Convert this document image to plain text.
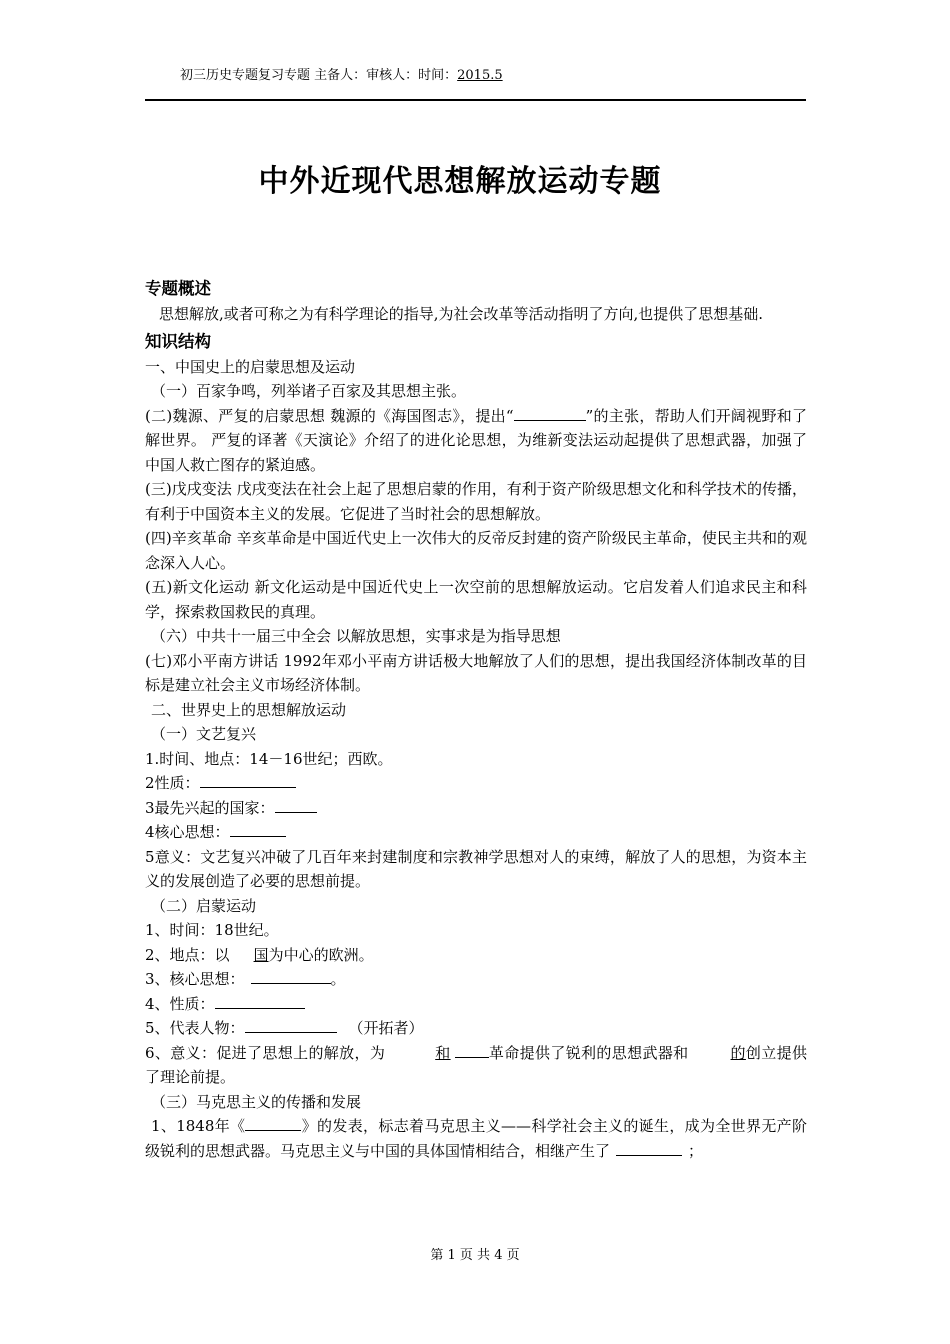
初三历史专题复习专题 主备人：审核人：时间：2015.5
中外近现代思想解放运动专题
专题概述

思想解放,或者可称之为有科学理论的指导,为社会改革等活动指明了方向,也提供了思想基础.

知识结构

一、中国史上的启蒙思想及运动

（一）百家争鸣，列举诸子百家及其思想主张。

(二)魏源、严复的启蒙思想 魏源的《海国图志》，提出“	”的主张，帮助人们开阔视野和了解世界。 严复的译著《天演论》介绍了的进化论思想，为维新变法运动起提供了思想武器，加强了中国人救亡图存的紧迫感。

(三)戊戌变法 戊戌变法在社会上起了思想启蒙的作用，有利于资产阶级思想文化和科学技术的传播，有利于中国资本主义的发展。它促进了当时社会的思想解放。

(四)辛亥革命 辛亥革命是中国近代史上一次伟大的反帝反封建的资产阶级民主革命，使民主共和的观念深入人心。

(五)新文化运动 新文化运动是中国近代史上一次空前的思想解放运动。它启发着人们追求民主和科学，探索救国救民的真理。

（六）中共十一届三中全会 以解放思想，实事求是为指导思想

(七)邓小平南方讲话 1992年邓小平南方讲话极大地解放了人们的思想，提出我国经济体制改革的目标是建立社会主义市场经济体制。

二、世界史上的思想解放运动

（一）文艺复兴

1.时间、地点：14－16世纪；西欧。

2性质：

3最先兴起的国家：

4核心思想：

5意义：文艺复兴冲破了几百年来封建制度和宗教神学思想对人的束缚，解放了人的思想，为资本主义的发展创造了必要的思想前提。

（二）启蒙运动

1、时间：18世纪。

2、地点：以 国为中心的欧洲。

3、核心思想：	。

4、性质：

5、代表人物：	（开拓者）

6、意义：促进了思想上的解放，为	和	革命提供了锐利的思想武器和	的创立提供了理论前提。

（三）马克思主义的传播和发展

1、1848年《	》的发表，标志着马克思主义——科学社会主义的诞生，成为全世界无产阶级锐利的思想武器。马克思主义与中国的具体国情相结合，相继产生了	；

第 1 页 共 4 页
